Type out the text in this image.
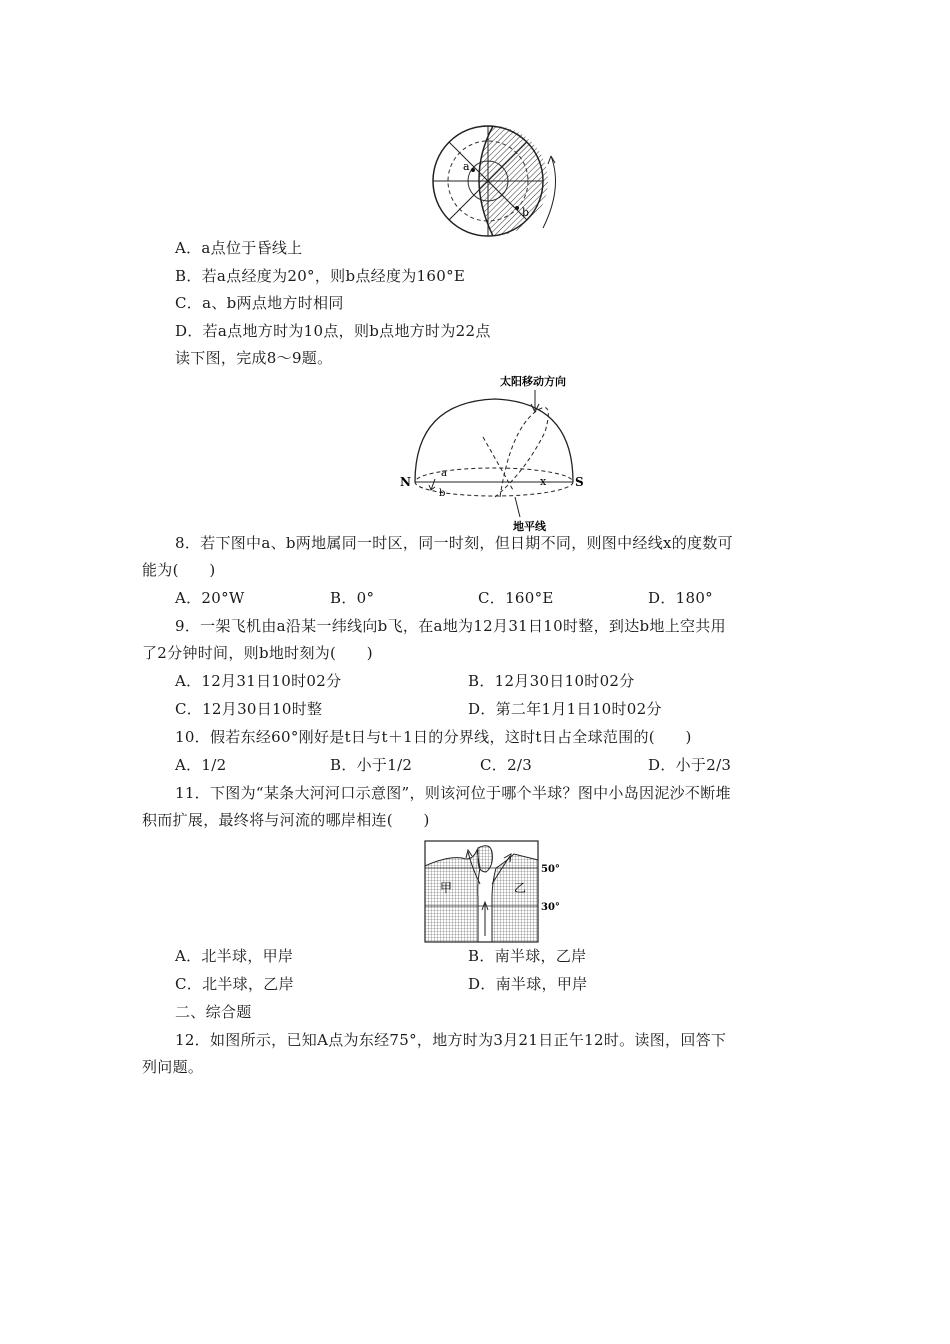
a
b
A．a点位于昏线上
B．若a点经度为20°，则b点经度为160°E
C．a、b两点地方时相同
D．若a点地方时为10点，则b点地方时为22点
读下图，完成8～9题。
太阳移动方向
N	S
a
b
x
地平线
8．若下图中a、b两地属同一时区，同一时刻，但日期不同，则图中经线x的度数可
能为(　　)
A．20°W	B．0°	C．160°E	D．180°
9．一架飞机由a沿某一纬线向b飞，在a地为12月31日10时整，到达b地上空共用
了2分钟时间，则b地时刻为(　　)
A．12月31日10时02分	B．12月30日10时02分
C．12月30日10时整	D．第二年1月1日10时02分
10．假若东经60°刚好是t日与t＋1日的分界线，这时t日占全球范围的(　　)
A．1/2	B．小于1/2	C．2/3	D．小于2/3
11．下图为“某条大河河口示意图”，则该河位于哪个半球？图中小岛因泥沙不断堆
积而扩展，最终将与河流的哪岸相连(　　)
甲	乙
50°
30°
A．北半球，甲岸	B．南半球，乙岸
C．北半球，乙岸	D．南半球，甲岸
二、综合题
12．如图所示，已知A点为东经75°，地方时为3月21日正午12时。读图，回答下
列问题。
